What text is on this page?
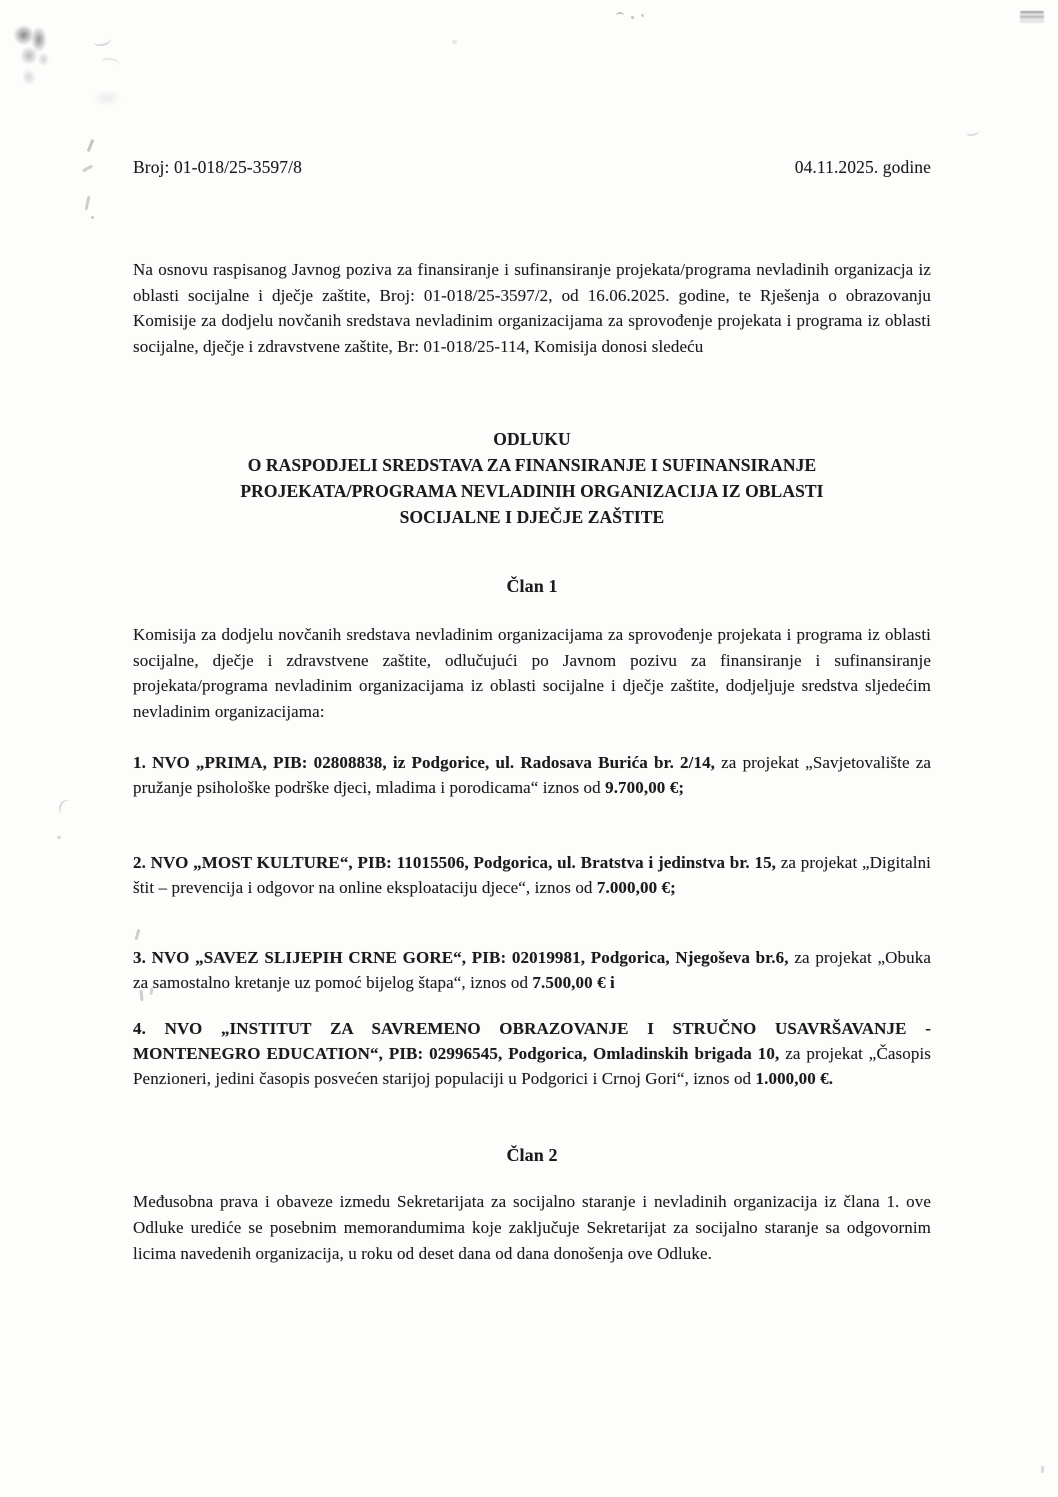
Broj: 01-018/25-3597/8	04.11.2025. godine
Na osnovu raspisanog Javnog poziva za finansiranje i sufinansiranje projekata/programa nevladinih organizacja iz oblasti socijalne i dječje zaštite, Broj: 01-018/25-3597/2, od 16.06.2025. godine, te Rješenja o obrazovanju Komisije za dodjelu novčanih sredstava nevladinim organizacijama za sprovođenje projekata i programa iz oblasti socijalne, dječje i zdravstvene zaštite, Br: 01-018/25-114, Komisija donosi sledeću
ODLUKU
O RASPODJELI SREDSTAVA ZA FINANSIRANJE I SUFINANSIRANJE
PROJEKATA/PROGRAMA NEVLADINIH ORGANIZACIJA IZ OBLASTI
SOCIJALNE I DJEČJE ZAŠTITE
Član 1
Komisija za dodjelu novčanih sredstava nevladinim organizacijama za sprovođenje projekata i programa iz oblasti socijalne, dječje i zdravstvene zaštite, odlučujući po Javnom pozivu za finansiranje i sufinansiranje projekata/programa nevladinim organizacijama iz oblasti socijalne i dječje zaštite, dodjeljuje sredstva sljedećim nevladinim organizacijama:
1. NVO „PRIMA, PIB: 02808838, iz Podgorice, ul. Radosava Burića br. 2/14, za projekat „Savjetovalište za pružanje psihološke podrške djeci, mladima i porodicama“ iznos od 9.700,00 €;
2. NVO „MOST KULTURE“, PIB: 11015506, Podgorica, ul. Bratstva i jedinstva br. 15, za projekat „Digitalni štit – prevencija i odgovor na online eksploataciju djece“, iznos od 7.000,00 €;
3. NVO „SAVEZ SLIJEPIH CRNE GORE“, PIB: 02019981, Podgorica, Njegoševa br.6, za projekat „Obuka za samostalno kretanje uz pomoć bijelog štapa“, iznos od 7.500,00 € i
4. NVO „INSTITUT ZA SAVREMENO OBRAZOVANJE I STRUČNO USAVRŠAVANJE - MONTENEGRO EDUCATION“, PIB: 02996545, Podgorica, Omladinskih brigada 10, za projekat „Časopis Penzioneri, jedini časopis posvećen starijoj populaciji u Podgorici i Crnoj Gori“, iznos od 1.000,00 €.
Član 2
Međusobna prava i obaveze izmedu Sekretarijata za socijalno staranje i nevladinih organizacija iz člana 1. ove Odluke urediće se posebnim memorandumima koje zaključuje Sekretarijat za socijalno staranje sa odgovornim licima navedenih organizacija, u roku od deset dana od dana donošenja ove Odluke.
